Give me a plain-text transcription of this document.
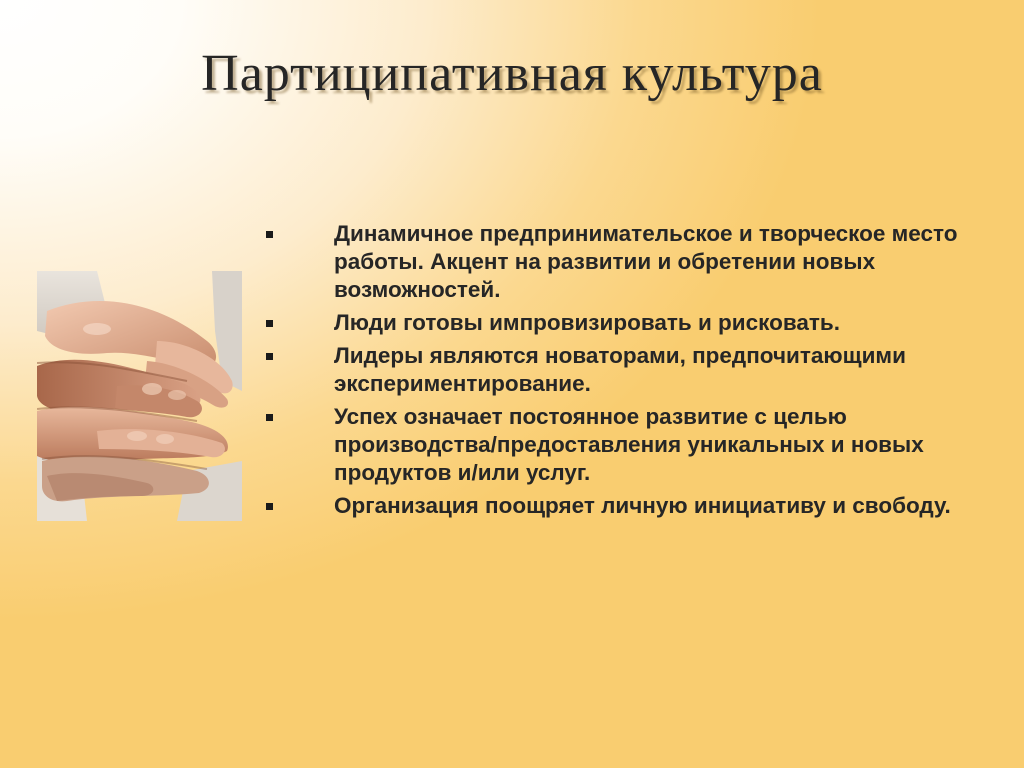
Партиципативная культура
Динамичное предпринимательское и творческое место работы. Акцент на развитии и обретении новых возможностей.
Люди готовы импровизировать и рисковать.
Лидеры являются новаторами, предпочитающими экспериментирование.
Успех означает постоянное развитие с целью производства/предоставления уникальных и новых продуктов и/или услуг.
Организация поощряет личную инициативу и свободу.
